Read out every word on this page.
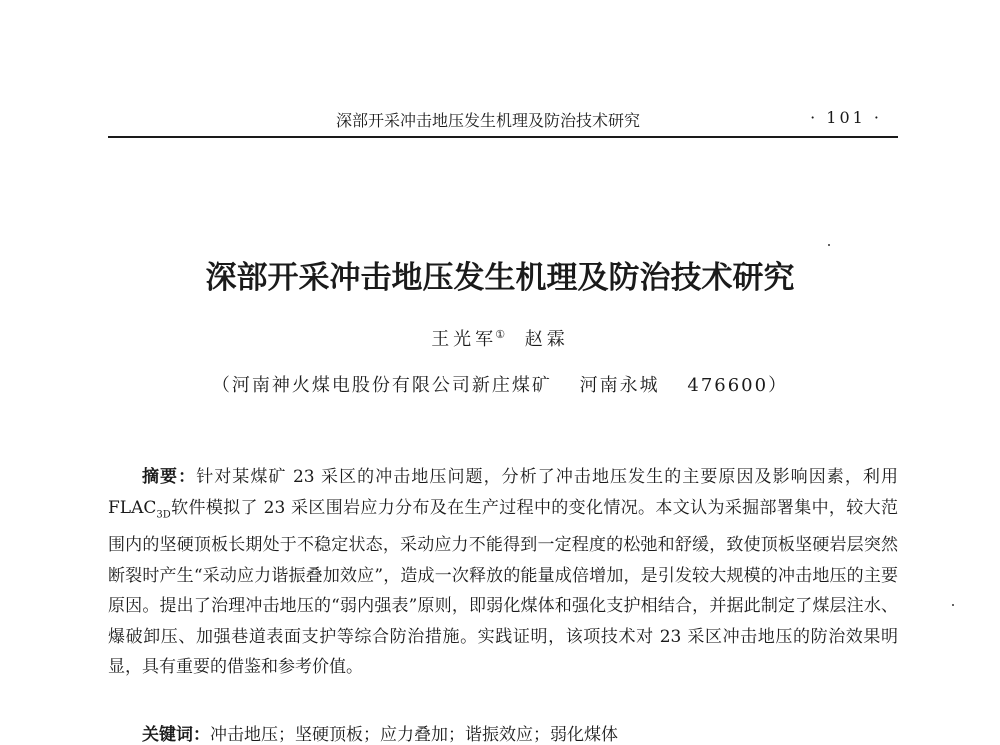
深部开采冲击地压发生机理及防治技术研究	· 101 ·
深部开采冲击地压发生机理及防治技术研究
王光军① 赵霖
（河南神火煤电股份有限公司新庄煤矿 河南永城 476600）

摘要：针对某煤矿 23 采区的冲击地压问题，分析了冲击地压发生的主要原因及影响因素，利用 $FLAC_{3D}$软件模拟了 23 采区围岩应力分布及在生产过程中的变化情况。本文认为采掘部署集中，较大范围内的坚硬顶板长期处于不稳定状态，采动应力不能得到一定程度的松弛和舒缓，致使顶板坚硬岩层突然断裂时产生“采动应力谐振叠加效应”，造成一次释放的能量成倍增加，是引发较大规模的冲击地压的主要原因。提出了治理冲击地压的“弱内强表”原则，即弱化煤体和强化支护相结合，并据此制定了煤层注水、爆破卸压、加强巷道表面支护等综合防治措施。实践证明，该项技术对 23 采区冲击地压的防治效果明显，具有重要的借鉴和参考价值。

关键词：冲击地压；坚硬顶板；应力叠加；谐振效应；弱化煤体
